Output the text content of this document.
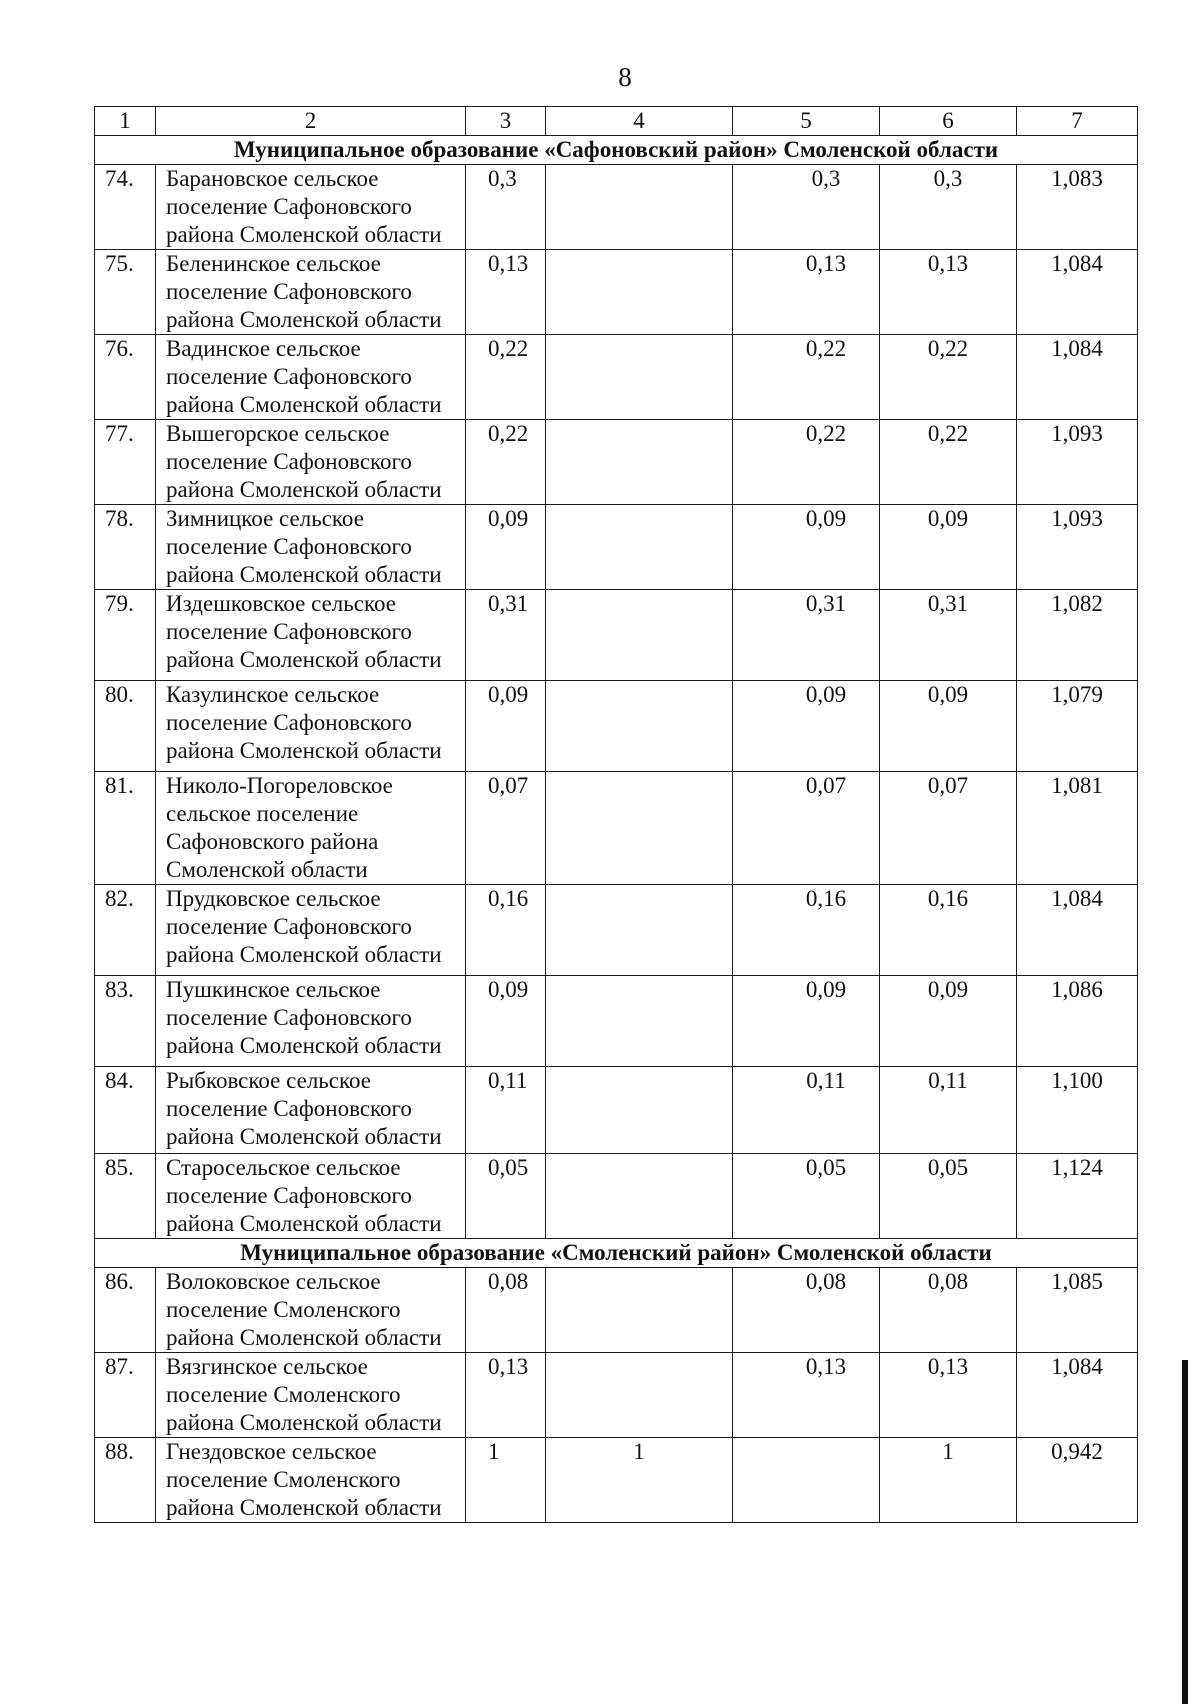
8
1	2	3	4	5	6	7
Муниципальное образование «Сафоновский район» Смоленской области						
74.	Барановское сельское поселение Сафоновского района Смоленской области	0,3		0,3	0,3	1,083
75.	Беленинское сельское поселение Сафоновского района Смоленской области	0,13		0,13	0,13	1,084
76.	Вадинское сельское поселение Сафоновского района Смоленской области	0,22		0,22	0,22	1,084
77.	Вышегорское сельское поселение Сафоновского района Смоленской области	0,22		0,22	0,22	1,093
78.	Зимницкое сельское поселение Сафоновского района Смоленской области	0,09		0,09	0,09	1,093
79.	Издешковское сельское поселение Сафоновского района Смоленской области	0,31		0,31	0,31	1,082
80.	Казулинское сельское поселение Сафоновского района Смоленской области	0,09		0,09	0,09	1,079
81.	Николо-Погореловское сельское поселение Сафоновского района Смоленской области	0,07		0,07	0,07	1,081
82.	Прудковское сельское поселение Сафоновского района Смоленской области	0,16		0,16	0,16	1,084
83.	Пушкинское сельское поселение Сафоновского района Смоленской области	0,09		0,09	0,09	1,086
84.	Рыбковское сельское поселение Сафоновского района Смоленской области	0,11		0,11	0,11	1,100
85.	Старосельское сельское поселение Сафоновского района Смоленской области	0,05		0,05	0,05	1,124
Муниципальное образование «Смоленский район» Смоленской области						
86.	Волоковское сельское поселение Смоленского района Смоленской области	0,08		0,08	0,08	1,085
87.	Вязгинское сельское поселение Смоленского района Смоленской области	0,13		0,13	0,13	1,084
88.	Гнездовское сельское поселение Смоленского района Смоленской области	1	1		1	0,942
